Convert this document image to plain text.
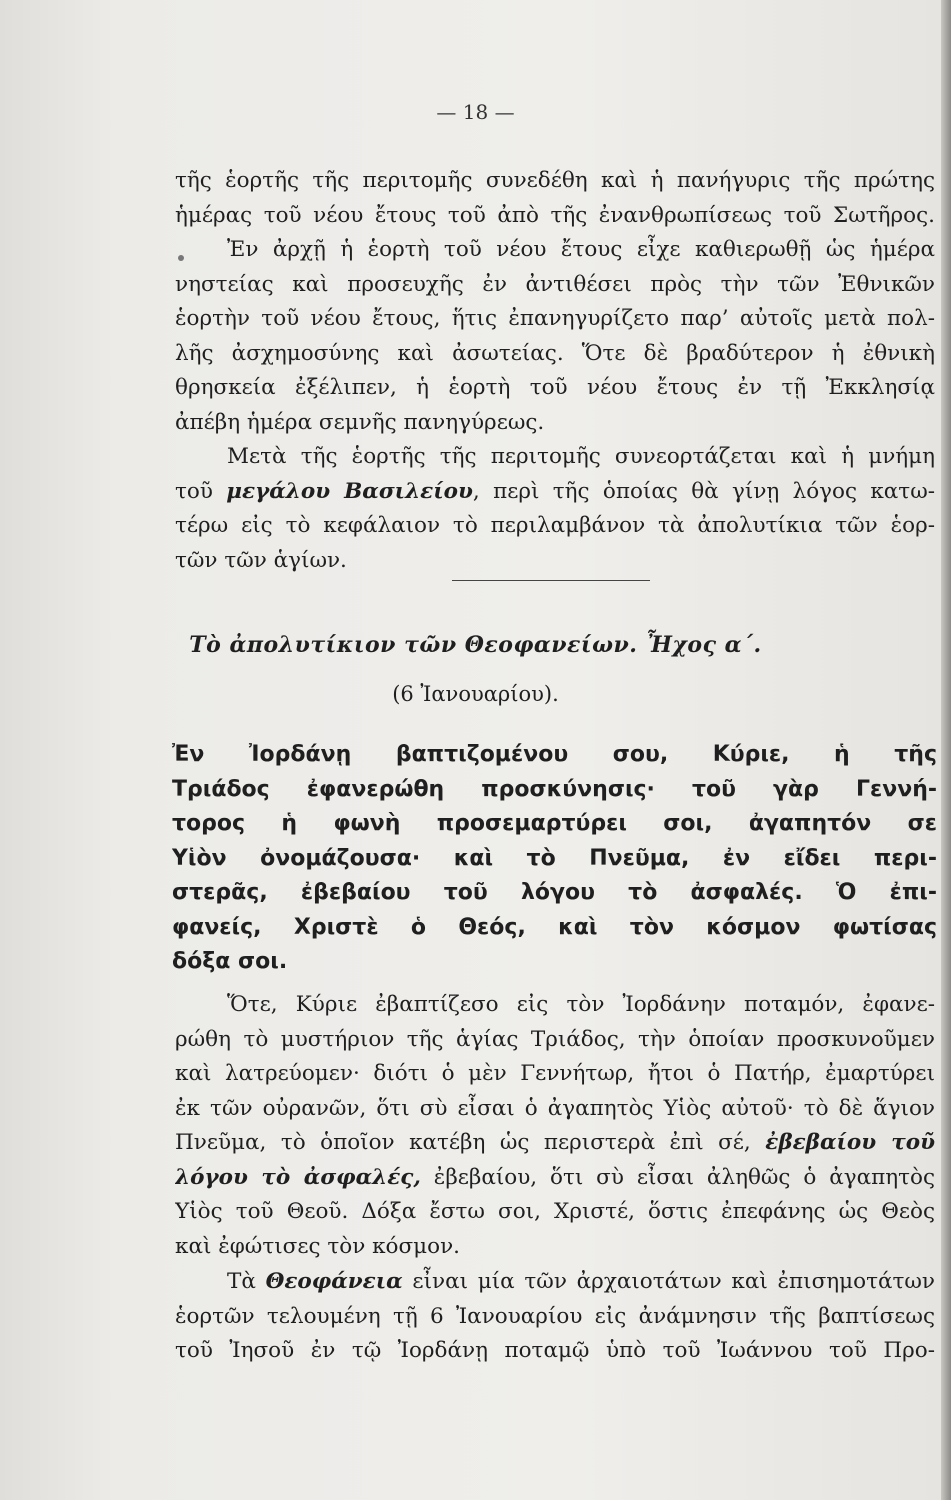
— 18 —
τῆς ἑορτῆς τῆς περιτομῆς συνεδέθη καὶ ἡ πανήγυρις τῆς πρώτης
ἡμέρας τοῦ νέου ἔτους τοῦ ἀπὸ τῆς ἐνανθρωπίσεως τοῦ Σωτῆρος.
Ἐν ἀρχῇ ἡ ἑορτὴ τοῦ νέου ἔτους εἶχε καθιερωθῇ ὡς ἡμέρα
νηστείας καὶ προσευχῆς ἐν ἀντιθέσει πρὸς τὴν τῶν Ἐθνικῶν
ἑορτὴν τοῦ νέου ἔτους, ἥτις ἐπανηγυρίζετο παρ’ αὐτοῖς μετὰ πολ-
λῆς ἀσχημοσύνης καὶ ἀσωτείας. Ὅτε δὲ βραδύτερον ἡ ἐθνικὴ
θρησκεία ἐξέλιπεν, ἡ ἑορτὴ τοῦ νέου ἔτους ἐν τῇ Ἐκκλησίᾳ
ἀπέβη ἡμέρα σεμνῆς πανηγύρεως.
Μετὰ τῆς ἑορτῆς τῆς περιτομῆς συνεορτάζεται καὶ ἡ μνήμη
τοῦ μεγάλου Βασιλείου, περὶ τῆς ὁποίας θὰ γίνῃ λόγος κατω-
τέρω εἰς τὸ κεφάλαιον τὸ περιλαμβάνον τὰ ἀπολυτίκια τῶν ἑορ-
τῶν τῶν ἁγίων.
Τὸ ἀπολυτίκιον τῶν Θεοφανείων. Ἦχος α΄.
(6 Ἰανουαρίου).
Ἐν Ἰορδάνῃ βαπτιζομένου σου, Κύριε, ἡ τῆς
Τριάδος ἐφανερώθη προσκύνησις· τοῦ γὰρ Γεννή-
τορος ἡ φωνὴ προσεμαρτύρει σοι, ἀγαπητόν σε
Υἱὸν ὀνομάζουσα· καὶ τὸ Πνεῦμα, ἐν εἴδει περι-
στερᾶς, ἐβεβαίου τοῦ λόγου τὸ ἀσφαλές. Ὁ ἐπι-
φανείς, Χριστὲ ὁ Θεός, καὶ τὸν κόσμον φωτίσας
δόξα σοι.
Ὅτε, Κύριε ἐβαπτίζεσο εἰς τὸν Ἰορδάνην ποταμόν, ἐφανε-
ρώθη τὸ μυστήριον τῆς ἁγίας Τριάδος, τὴν ὁποίαν προσκυνοῦμεν
καὶ λατρεύομεν· διότι ὁ μὲν Γεννήτωρ, ἤτοι ὁ Πατήρ, ἐμαρτύρει
ἐκ τῶν οὐρανῶν, ὅτι σὺ εἶσαι ὁ ἀγαπητὸς Υἱὸς αὐτοῦ· τὸ δὲ ἅγιον
Πνεῦμα, τὸ ὁποῖον κατέβη ὡς περιστερὰ ἐπὶ σέ, ἐβεβαίου τοῦ
λόγου τὸ ἀσφαλές, ἐβεβαίου, ὅτι σὺ εἶσαι ἀληθῶς ὁ ἀγαπητὸς
Υἱὸς τοῦ Θεοῦ. Δόξα ἔστω σοι, Χριστέ, ὅστις ἐπεφάνης ὡς Θεὸς
καὶ ἐφώτισες τὸν κόσμον.
Τὰ Θεοφάνεια εἶναι μία τῶν ἀρχαιοτάτων καὶ ἐπισημοτάτων
ἑορτῶν τελουμένη τῇ 6 Ἰανουαρίου εἰς ἀνάμνησιν τῆς βαπτίσεως
τοῦ Ἰησοῦ ἐν τῷ Ἰορδάνῃ ποταμῷ ὑπὸ τοῦ Ἰωάννου τοῦ Προ-
